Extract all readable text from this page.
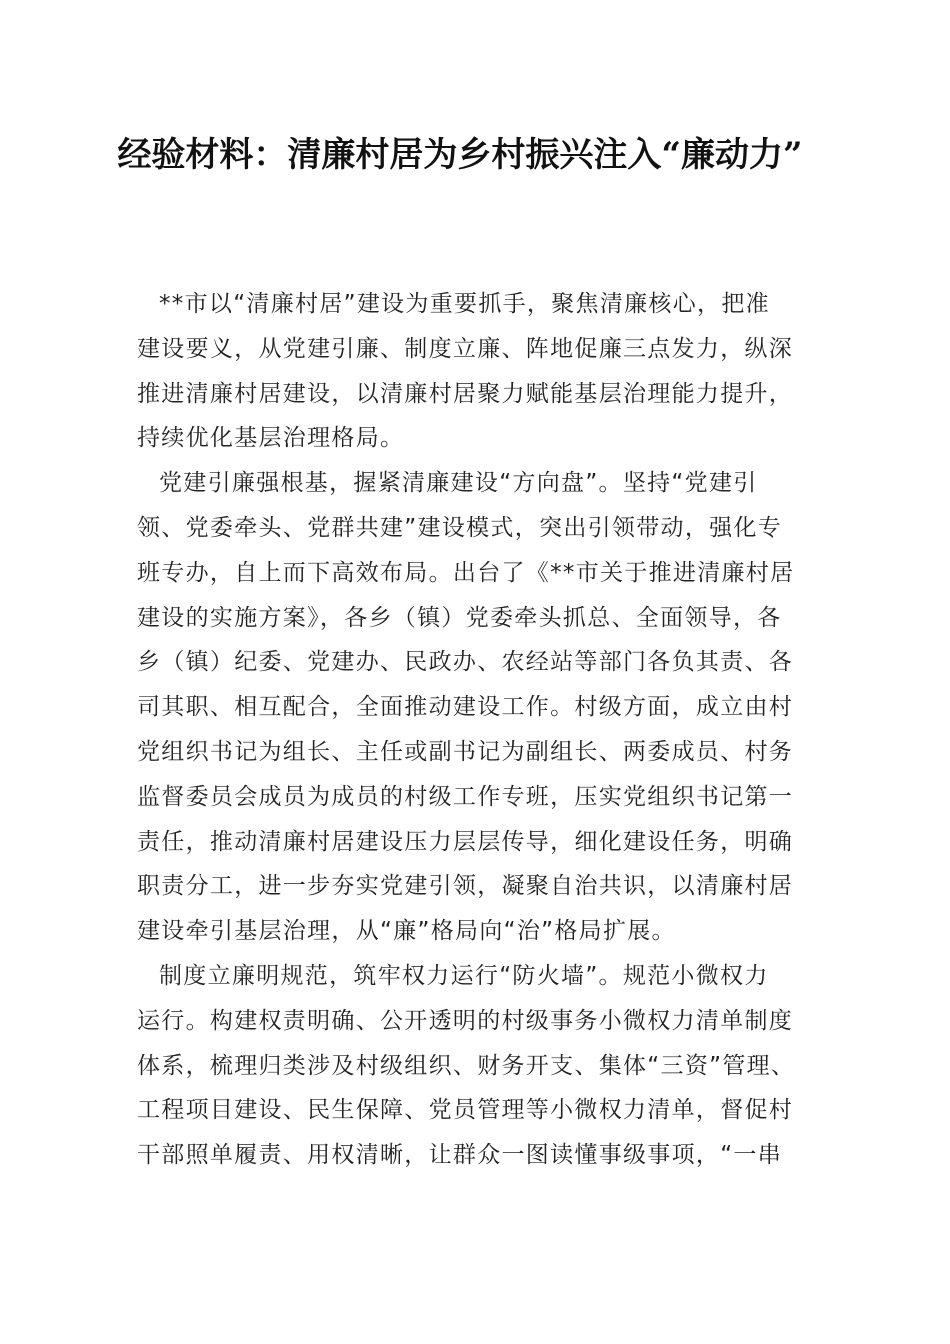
经验材料：清廉村居为乡村振兴注入“廉动力”
**市以“清廉村居”建设为重要抓手，聚焦清廉核心，把准
建设要义，从党建引廉、制度立廉、阵地促廉三点发力，纵深
推进清廉村居建设，以清廉村居聚力赋能基层治理能力提升，
持续优化基层治理格局。
党建引廉强根基，握紧清廉建设“方向盘”。坚持“党建引
领、党委牵头、党群共建”建设模式，突出引领带动，强化专
班专办，自上而下高效布局。出台了《**市关于推进清廉村居
建设的实施方案》，各乡（镇）党委牵头抓总、全面领导，各
乡（镇）纪委、党建办、民政办、农经站等部门各负其责、各
司其职、相互配合，全面推动建设工作。村级方面，成立由村
党组织书记为组长、主任或副书记为副组长、两委成员、村务
监督委员会成员为成员的村级工作专班，压实党组织书记第一
责任，推动清廉村居建设压力层层传导，细化建设任务，明确
职责分工，进一步夯实党建引领，凝聚自治共识，以清廉村居
建设牵引基层治理，从“廉”格局向“治”格局扩展。
制度立廉明规范，筑牢权力运行“防火墙”。规范小微权力
运行。构建权责明确、公开透明的村级事务小微权力清单制度
体系，梳理归类涉及村级组织、财务开支、集体“三资”管理、
工程项目建设、民生保障、党员管理等小微权力清单，督促村
干部照单履责、用权清晰，让群众一图读懂事级事项，“一串
